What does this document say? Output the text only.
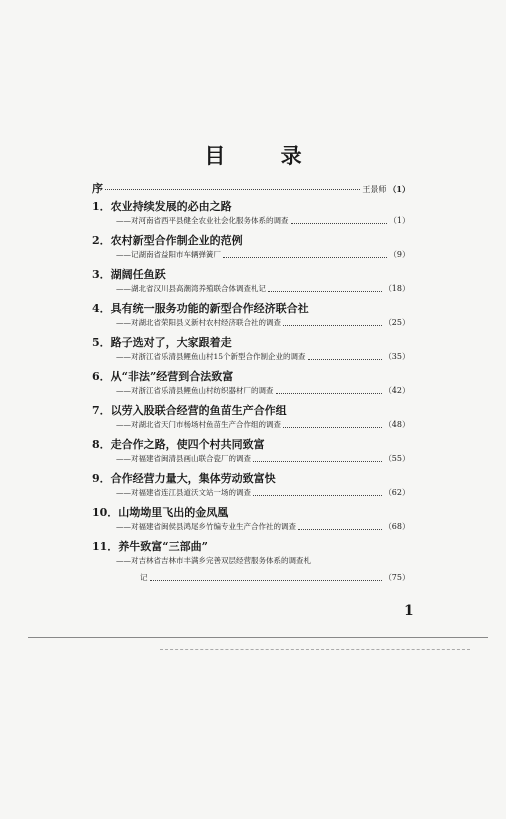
目 录
序	王景师 （1）
1．农业持续发展的必由之路
——对河南省西平县健全农业社会化服务体系的调查	（1）
2．农村新型合作制企业的范例
——记湖南省益阳市车辆弹簧厂	（9）
3．湖阔任鱼跃
——湖北省汉川县高潮湾养殖联合体调查札记	（18）
4．具有统一服务功能的新型合作经济联合社
——对湖北省荣阳县义新村农村经济联合社的调查	（25）
5．路子选对了，大家跟着走
——对浙江省乐清县鲤鱼山村15个新型合作制企业的调查	（35）
6．从“非法”经营到合法致富
——对浙江省乐清县鲤鱼山村纺织器材厂的调查	（42）
7．以劳入股联合经营的鱼苗生产合作组
——对湖北省天门市杨场村鱼苗生产合作组的调查	（48）
8．走合作之路，使四个村共同致富
——对福建省闽清县画山联合瓷厂的调查	（55）
9．合作经营力量大，集体劳动致富快
——对福建省连江县道沃文站一场的调查	（62）
10．山坳坳里飞出的金凤凰
——对福建省闽侯县鸿尾乡竹编专业生产合作社的调查	（68）
11．养牛致富“三部曲”
——对吉林省吉林市丰满乡完善双层经营服务体系的调查札
记	（75）
1
